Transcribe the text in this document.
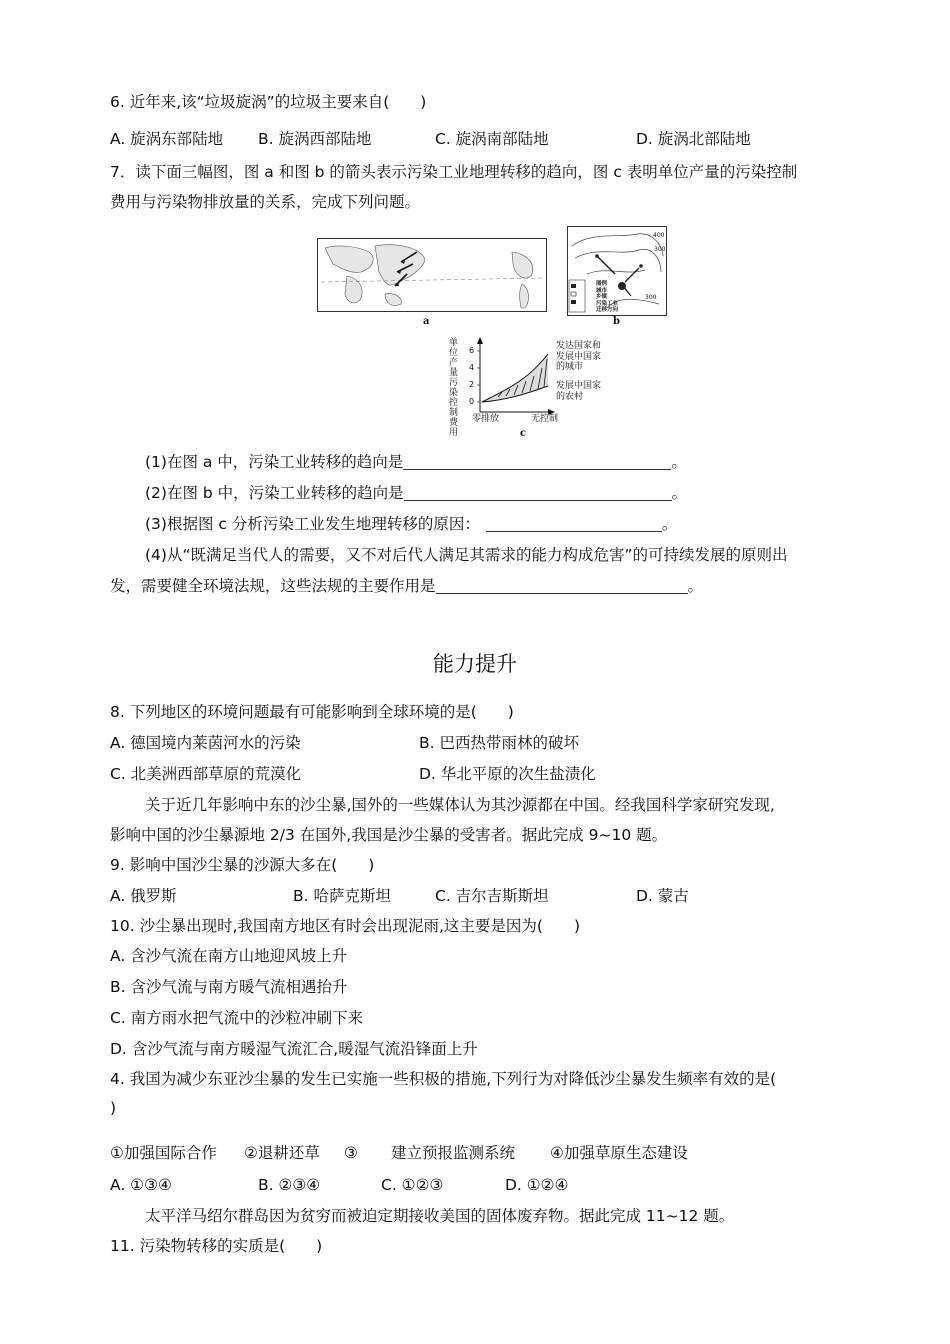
6. 近年来,该“垃圾旋涡”的垃圾主要来自(　　)
A. 旋涡东部陆地 B. 旋涡西部陆地	C. 旋涡南部陆地	D. 旋涡北部陆地
7．读下面三幅图，图 a 和图 b 的箭头表示污染工业地理转移的趋向，图 c 表明单位产量的污染控制
费用与污染物排放量的关系，完成下列问题。
a
400
300
300
图例
城市
乡镇
污染工业
迁移方向
b
单位产量污染控制费用
0
2
4
6
零排放	无控制
发达国家和
发展中国家
的城市
发展中国家
的农村
c
(1)在图 a 中，污染工业转移的趋向是	。
(2)在图 b 中，污染工业转移的趋向是	。
(3)根据图 c 分析污染工业发生地理转移的原因：	。
(4)从“既满足当代人的需要，又不对后代人满足其需求的能力构成危害”的可持续发展的原则出
发，需要健全环境法规，这些法规的主要作用是	。
能力提升
8. 下列地区的环境问题最有可能影响到全球环境的是(　　)
A. 德国境内莱茵河水的污染	B. 巴西热带雨林的破坏
C. 北美洲西部草原的荒漠化	D. 华北平原的次生盐渍化
关于近几年影响中东的沙尘暴,国外的一些媒体认为其沙源都在中国。经我国科学家研究发现,
影响中国的沙尘暴源地 2/3 在国外,我国是沙尘暴的受害者。据此完成 9~10 题。
9. 影响中国沙尘暴的沙源大多在(　　)
A. 俄罗斯	B. 哈萨克斯坦	C. 吉尔吉斯斯坦	D. 蒙古
10. 沙尘暴出现时,我国南方地区有时会出现泥雨,这主要是因为(　　)
A. 含沙气流在南方山地迎风坡上升
B. 含沙气流与南方暖气流相遇抬升
C. 南方雨水把气流中的沙粒冲刷下来
D. 含沙气流与南方暖湿气流汇合,暖湿气流沿锋面上升
4. 我国为减少东亚沙尘暴的发生已实施一些积极的措施,下列行为对降低沙尘暴发生频率有效的是(
)
①加强国际合作 ②退耕还草 ③ 建立预报监测系统 ④加强草原生态建设
A. ①③④	B. ②③④	C. ①②③	D. ①②④
太平洋马绍尔群岛因为贫穷而被迫定期接收美国的固体废弃物。据此完成 11~12 题。
11. 污染物转移的实质是(　　)
